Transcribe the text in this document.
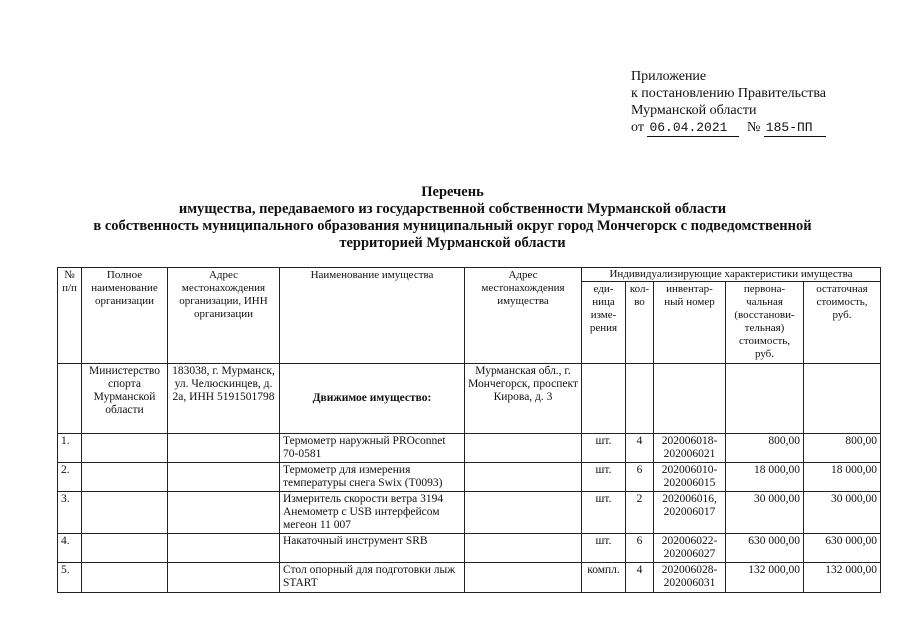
Приложение
к постановлению Правительства
Мурманской области
от 06.04.2021 № 185-ПП
Перечень
имущества, передаваемого из государственной собственности Мурманской области
в собственность муниципального образования муниципальный округ город Мончегорск с подведомственной
территорией Мурманской области
№ п/п	Полное наименование организации	Адрес местонахождения организации, ИНН организации	Наименование имущества	Адрес местонахождения имущества	Индивидуализирующие характеристики имущества				
					еди- ница изме- рения	кол- во	инвентар- ный номер	первона- чальная (восстанови- тельная) стоимость, руб.	остаточная стоимость, руб.
	Министерство спорта Мурманской области	183038, г. Мурманск, ул. Челюскинцев, д. 2а, ИНН 5191501798	Движимое имущество:	Мурманская обл., г. Мончегорск, проспект Кирова, д. 3					
1.			Термометр наружный PROconnet 70-0581		шт.	4	202006018-202006021	800,00	800,00
2.			Термометр для измерения температуры снега Swix (T0093)		шт.	6	202006010-202006015	18 000,00	18 000,00
3.			Измеритель скорости ветра 3194 Анемометр с USB интерфейсом мегеон 11 007		шт.	2	202006016, 202006017	30 000,00	30 000,00
4.			Накаточный инструмент SRB		шт.	6	202006022-202006027	630 000,00	630 000,00
5.			Стол опорный для подготовки лыж START		компл.	4	202006028-202006031	132 000,00	132 000,00
